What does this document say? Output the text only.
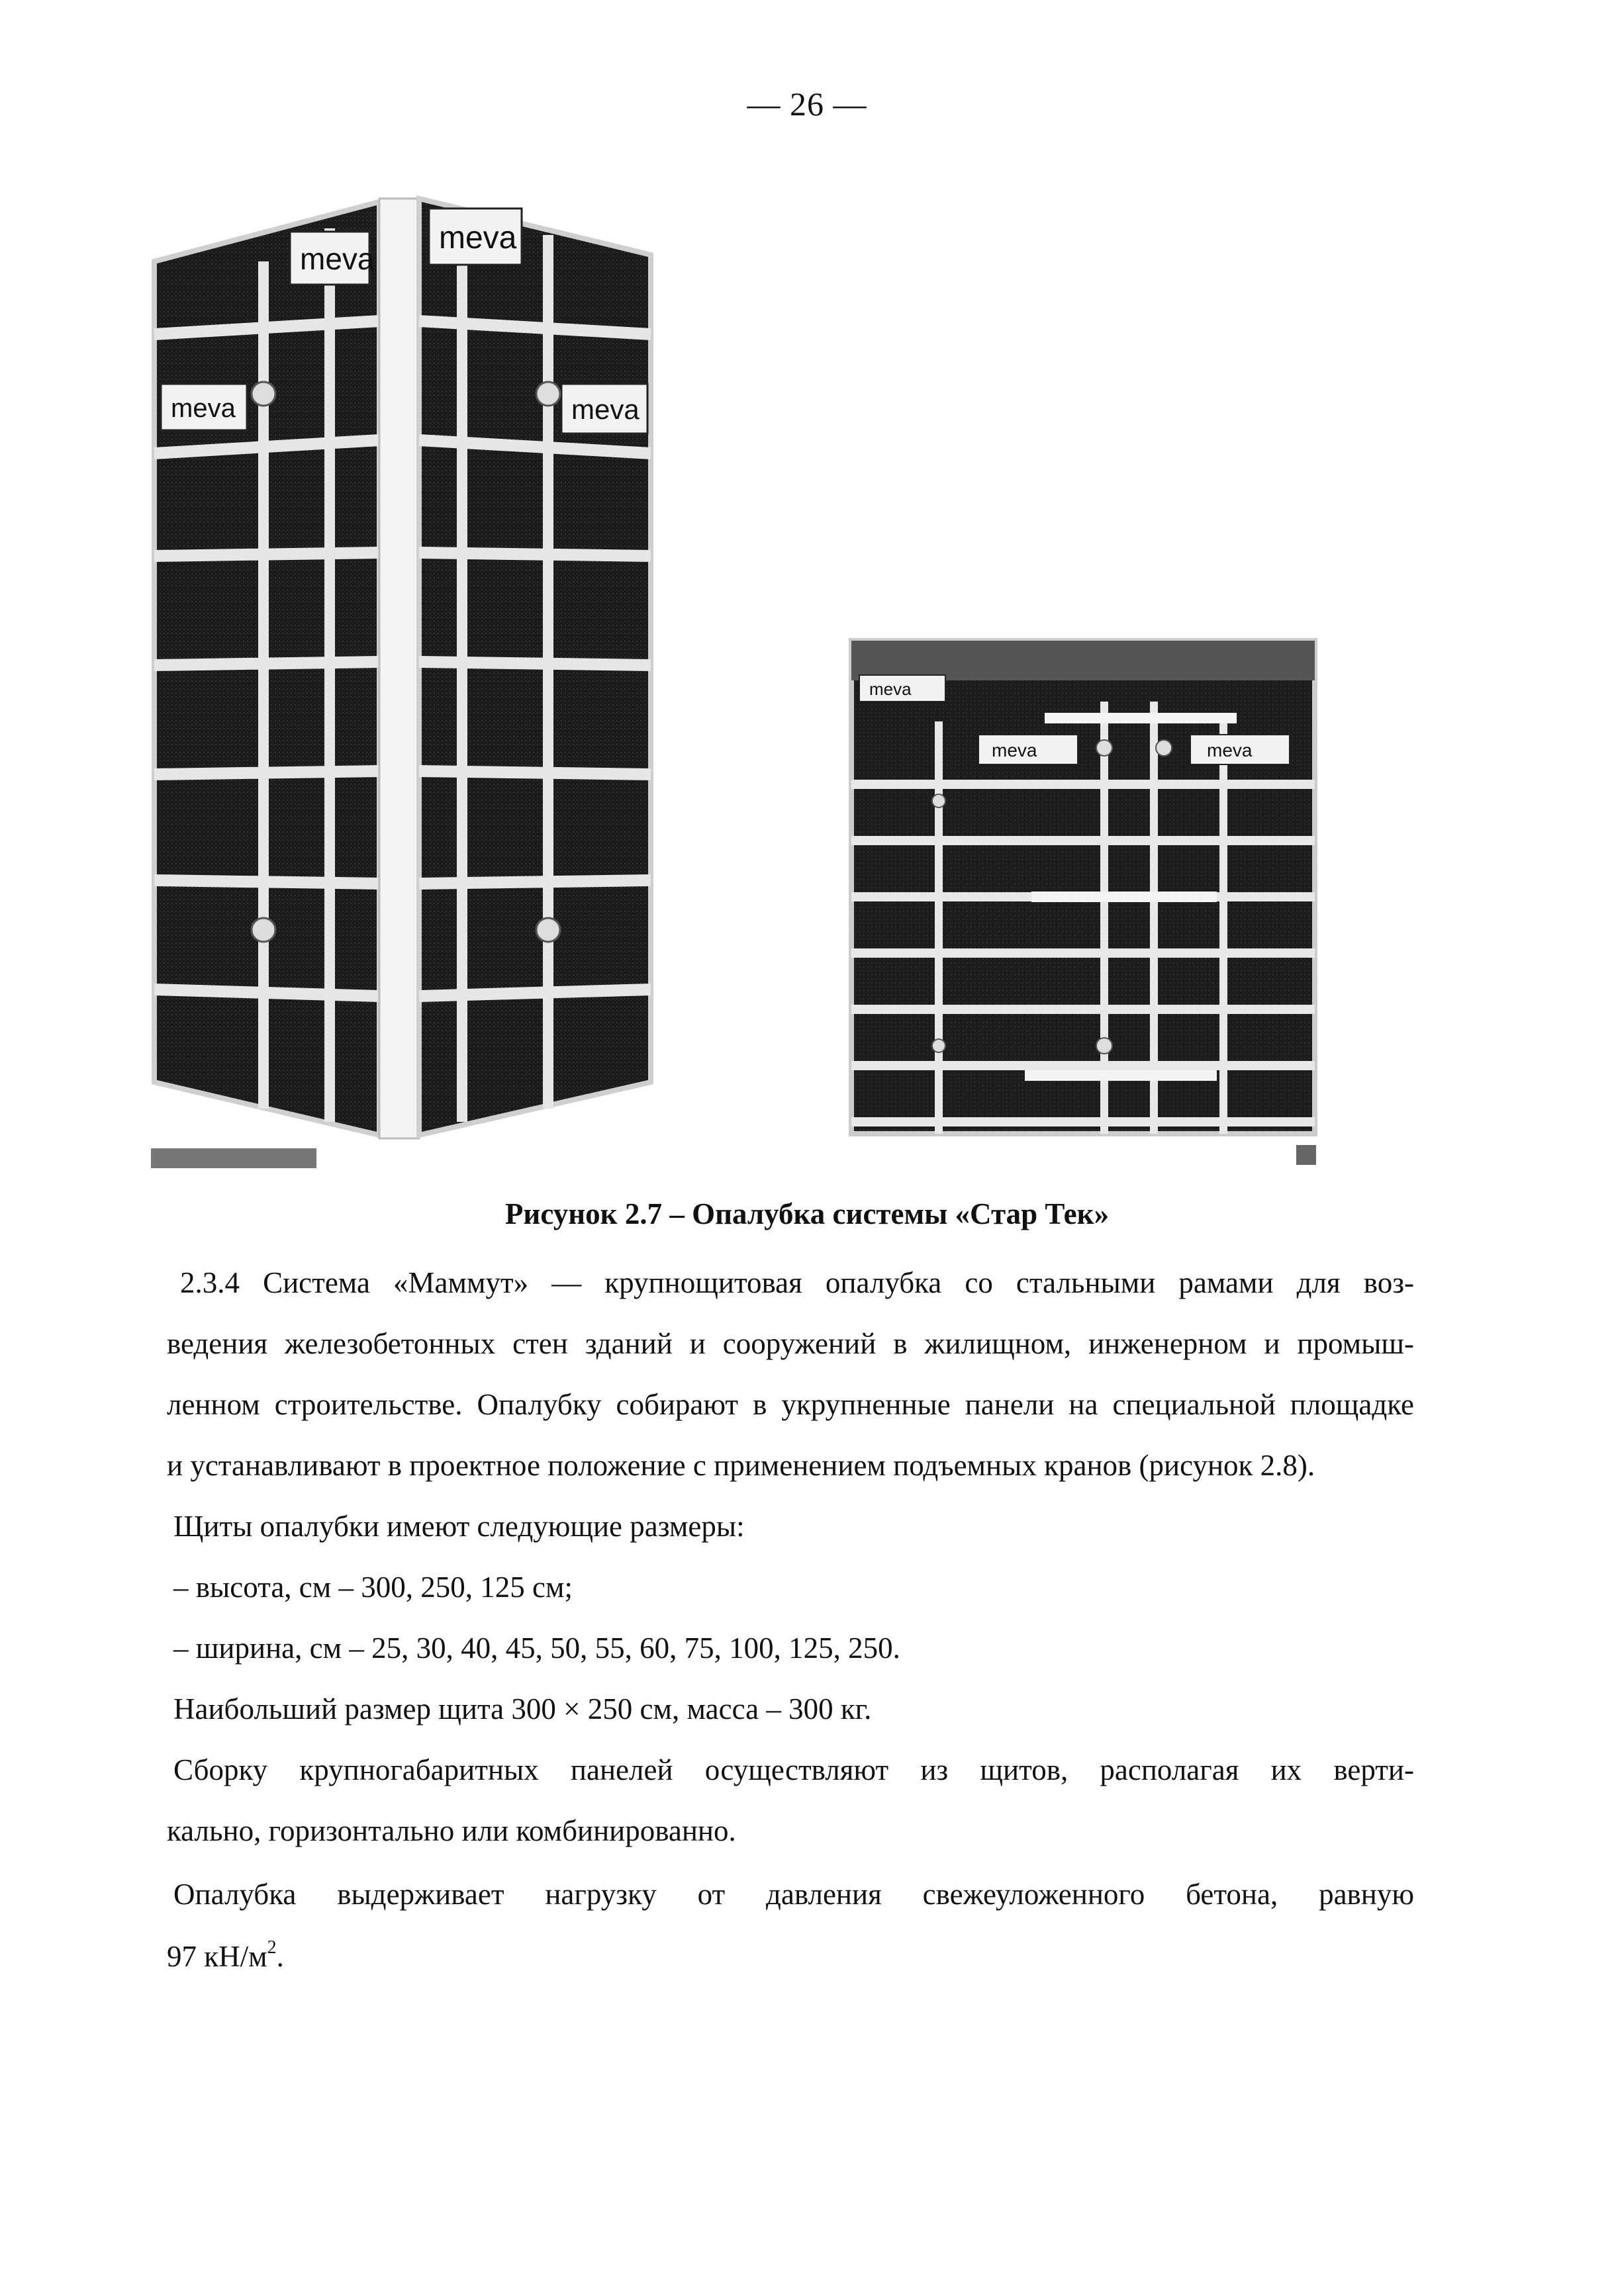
— 26 —
meva
meva
meva
meva
meva
meva	meva
Рисунок 2.7 – Опалубка системы «Стар Тек»
2.3.4 Система «Маммут» — крупнощитовая опалубка со стальными рамами для воз-
ведения железобетонных стен зданий и сооружений в жилищном, инженерном и промыш-
ленном строительстве. Опалубку собирают в укрупненные панели на специальной площадке
и устанавливают в проектное положение с применением подъемных кранов (рисунок 2.8).
Щиты опалубки имеют следующие размеры:
– высота, см – 300, 250, 125 см;
– ширина, см – 25, 30, 40, 45, 50, 55, 60, 75, 100, 125, 250.
Наибольший размер щита 300 × 250 см, масса – 300 кг.
Сборку крупногабаритных панелей осуществляют из щитов, располагая их верти-
кально, горизонтально или комбинированно.
Опалубка выдерживает нагрузку от давления свежеуложенного бетона, равную
97 $кН/м^2$.
